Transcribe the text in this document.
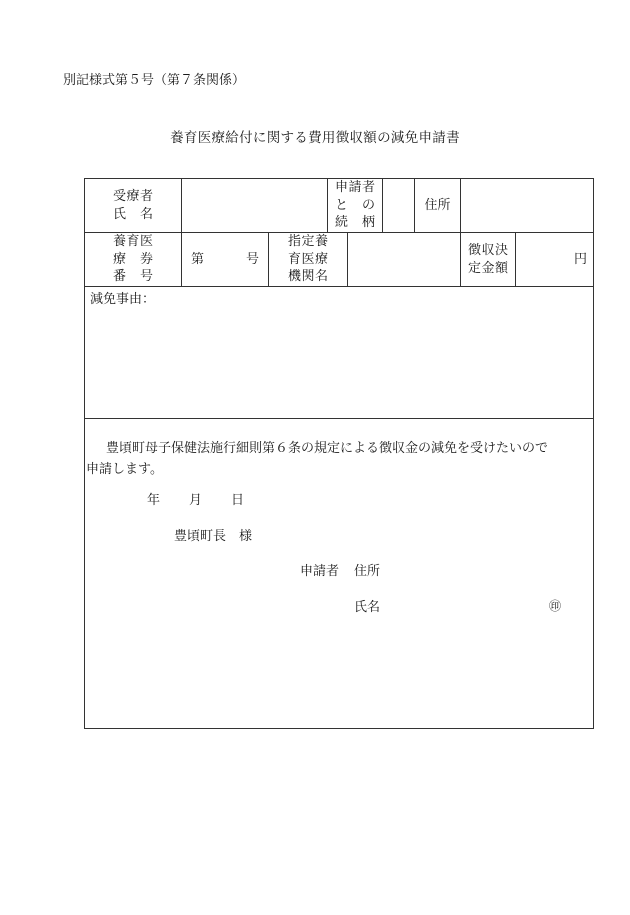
別記様式第５号（第７条関係）
養育医療給付に関する費用徴収額の減免申請書
受療者
氏　名
申請者
と　の
続　柄
住所
養育医
療　券
番　号
第	号
指定養
育医療
機関名
徴収決
定金額
円
減免事由：
豊頃町母子保健法施行細則第６条の規定による徴収金の減免を受けたいので
申請します。
年 月 日
豊頃町長　様
申請者 住所
氏名	㊞
